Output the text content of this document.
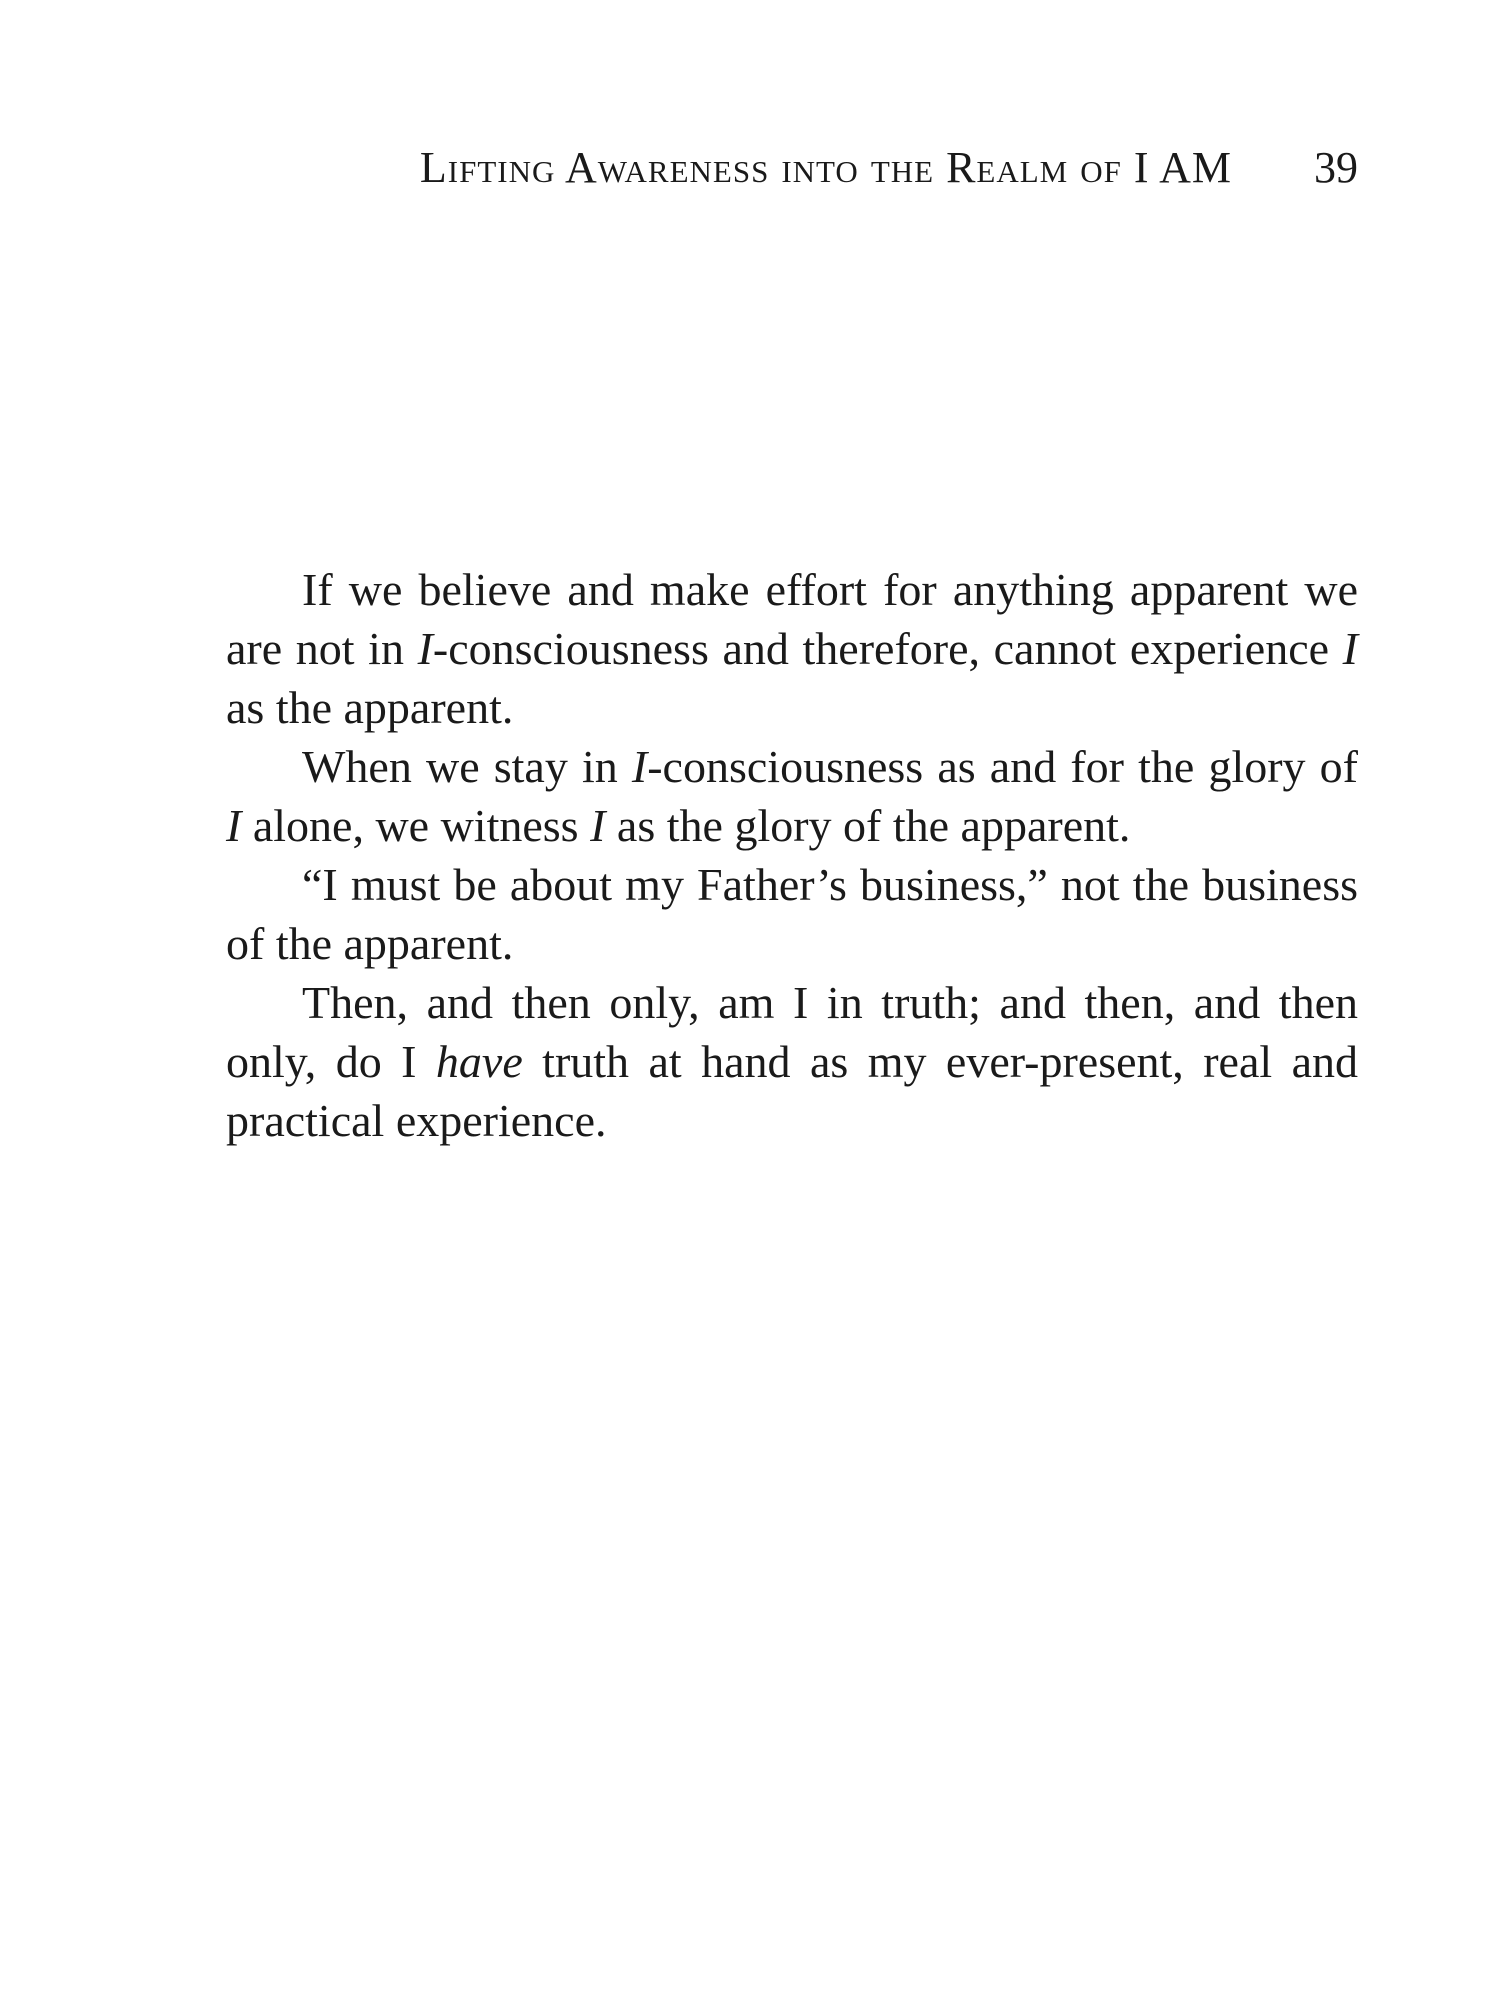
Lifting Awareness into the Realm of I AM 39

If we believe and make effort for anything apparent we are not in I-consciousness and therefore, cannot experience I as the apparent.

When we stay in I-consciousness as and for the glory of I alone, we witness I as the glory of the apparent.

“I must be about my Father’s business,” not the business of the apparent.

Then, and then only, am I in truth; and then, and then only, do I have truth at hand as my ever-present, real and practical experience.
